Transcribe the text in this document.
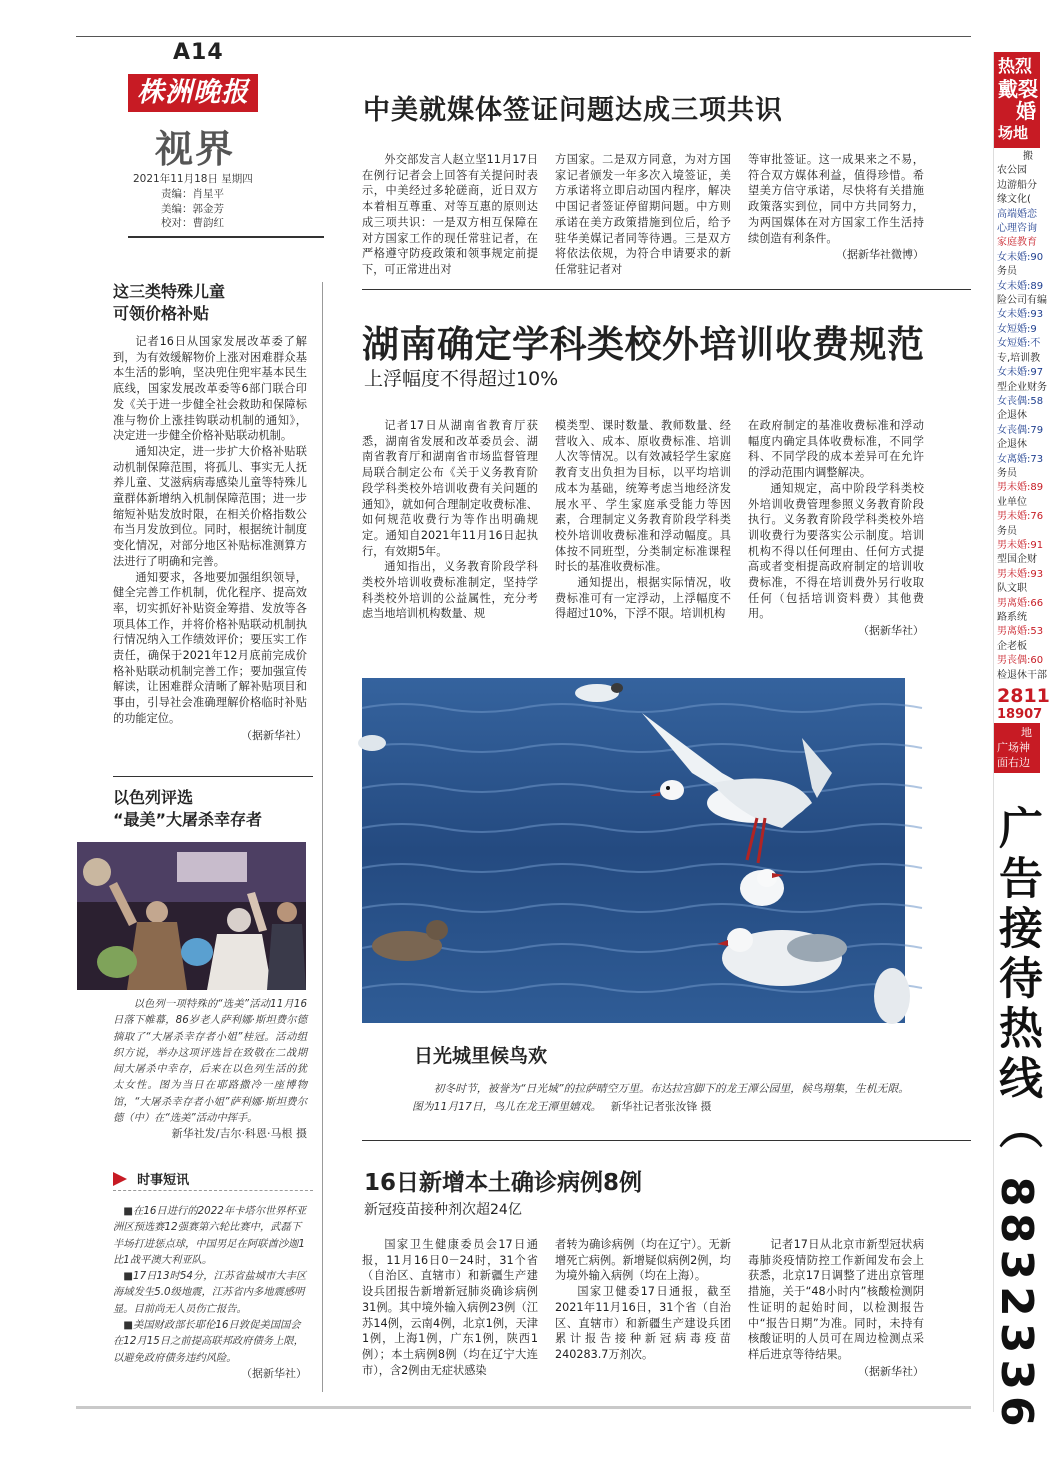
A14
株洲晚报
视界
2021年11月18日 星期四
责编：肖星平
美编：郭金芳
校对：曹韵红
中美就媒体签证问题达成三项共识

外交部发言人赵立坚11月17日在例行记者会上回答有关提问时表示，中美经过多轮磋商，近日双方本着相互尊重、对等互惠的原则达成三项共识：一是双方相互保障在对方国家工作的现任常驻记者，在严格遵守防疫政策和领事规定前提下，可正常进出对

方国家。二是双方同意，为对方国家记者颁发一年多次入境签证，美方承诺将立即启动国内程序，解决中国记者签证停留期问题。中方则承诺在美方政策措施到位后，给予驻华美媒记者同等待遇。三是双方将依法依规，为符合申请要求的新任常驻记者对

等审批签证。这一成果来之不易，符合双方媒体利益，值得珍惜。希望美方信守承诺，尽快将有关措施政策落实到位，同中方共同努力，为两国媒体在对方国家工作生活持续创造有利条件。

（据新华社微博）
湖南确定学科类校外培训收费规范
上浮幅度不得超过10%

记者17日从湖南省教育厅获悉，湖南省发展和改革委员会、湖南省教育厅和湖南省市场监督管理局联合制定公布《关于义务教育阶段学科类校外培训收费有关问题的通知》，就如何合理制定收费标准、如何规范收费行为等作出明确规定。通知自2021年11月16日起执行，有效期5年。

通知指出，义务教育阶段学科类校外培训收费标准制定，坚持学科类校外培训的公益属性，充分考虑当地培训机构数量、规

模类型、课时数量、教师数量、经营收入、成本、原收费标准、培训人次等情况。以有效减轻学生家庭教育支出负担为目标，以平均培训成本为基础，统筹考虑当地经济发展水平、学生家庭承受能力等因素，合理制定义务教育阶段学科类校外培训收费标准和浮动幅度。具体按不同班型，分类制定标准课程时长的基准收费标准。

通知提出，根据实际情况，收费标准可有一定浮动，上浮幅度不得超过10%，下浮不限。培训机构

在政府制定的基准收费标准和浮动幅度内确定具体收费标准，不同学科、不同学段的成本差异可在允许的浮动范围内调整解决。

通知规定，高中阶段学科类校外培训收费管理参照义务教育阶段执行。义务教育阶段学科类校外培训收费行为要落实公示制度。培训机构不得以任何理由、任何方式提高或者变相提高政府制定的培训收费标准，不得在培训费外另行收取任何（包括培训资料费）其他费用。

（据新华社）
日光城里候鸟欢
初冬时节，被誉为“日光城”的拉萨晴空万里。布达拉宫脚下的龙王潭公园里，候鸟翔集，生机无限。图为11月17日，鸟儿在龙王潭里嬉戏。 新华社记者张汝锋 摄
16日新增本土确诊病例8例
新冠疫苗接种剂次超24亿

国家卫生健康委员会17日通报，11月16日0－24时，31个省（自治区、直辖市）和新疆生产建设兵团报告新增新冠肺炎确诊病例31例。其中境外输入病例23例（江苏14例，云南4例，北京1例，天津1例，上海1例，广东1例，陕西1例）；本土病例8例（均在辽宁大连市），含2例由无症状感染

者转为确诊病例（均在辽宁）。无新增死亡病例。新增疑似病例2例，均为境外输入病例（均在上海）。

国家卫健委17日通报，截至2021年11月16日，31个省（自治区、直辖市）和新疆生产建设兵团累计报告接种新冠病毒疫苗240283.7万剂次。

记者17日从北京市新型冠状病毒肺炎疫情防控工作新闻发布会上获悉，北京17日调整了进出京管理措施，关于“48小时内”核酸检测阴性证明的起始时间，以检测报告中“报告日期”为准。同时，未持有核酸证明的人员可在周边检测点采样后进京等待结果。

（据新华社）
这三类特殊儿童
可领价格补贴

记者16日从国家发展改革委了解到，为有效缓解物价上涨对困难群众基本生活的影响，坚决兜住兜牢基本民生底线，国家发展改革委等6部门联合印发《关于进一步健全社会救助和保障标准与物价上涨挂钩联动机制的通知》，决定进一步健全价格补贴联动机制。

通知决定，进一步扩大价格补贴联动机制保障范围，将孤儿、事实无人抚养儿童、艾滋病病毒感染儿童等特殊儿童群体新增纳入机制保障范围；进一步缩短补贴发放时限，在相关价格指数公布当月发放到位。同时，根据统计制度变化情况，对部分地区补贴标准测算方法进行了明确和完善。

通知要求，各地要加强组织领导，健全完善工作机制，优化程序、提高效率，切实抓好补贴资金筹措、发放等各项具体工作，并将价格补贴联动机制执行情况纳入工作绩效评价；要压实工作责任，确保于2021年12月底前完成价格补贴联动机制完善工作；要加强宣传解读，让困难群众清晰了解补贴项目和事由，引导社会准确理解价格临时补贴的功能定位。

（据新华社）
以色列评选
“最美”大屠杀幸存者
以色列一项特殊的“选美”活动11月16日落下帷幕，86岁老人萨利娜·斯坦费尔德摘取了“大屠杀幸存者小姐”桂冠。活动组织方说，举办这项评选旨在致敬在二战期间大屠杀中幸存，后来在以色列生活的犹太女性。图为当日在耶路撒冷一座博物馆，“大屠杀幸存者小姐”萨利娜·斯坦费尔德（中）在“选美”活动中挥手。
新华社发/吉尔·科恩·马根 摄
时事短讯
■在16日进行的2022年卡塔尔世界杯亚洲区预选赛12强赛第六轮比赛中，武磊下半场打进惩点球，中国男足在阿联酋沙迦1比1战平澳大利亚队。
■17日13时54分，江苏省盐城市大丰区海域发生5.0级地震，江苏省内多地震感明显。目前尚无人员伤亡报告。
■美国财政部长耶伦16日敦促美国国会在12月15日之前提高联邦政府债务上限，以避免政府债务违约风险。
（据新华社）
热烈
戴裂
婚
场地
搬
农公园
边游船分
缘文化(
高端婚恋
心理咨询
家庭教育
女未婚:90
务员
女未婚:89
险公司有编
女未婚:93
女短婚:9
女短婚:不
专,培训教
女未婚:97
型企业财务
女丧偶:58
企退休
女丧偶:79
企退休
女离婚:73
务员
男未婚:89
业单位
男未婚:76
务员
男未婚:91
型国企财
男未婚:93
队文职
男离婚:66
路系统
男离婚:53
企老板
男丧偶:60
检退休干部
2811
18907
地
广场神
面右边
广告接待热线（ 8832336
